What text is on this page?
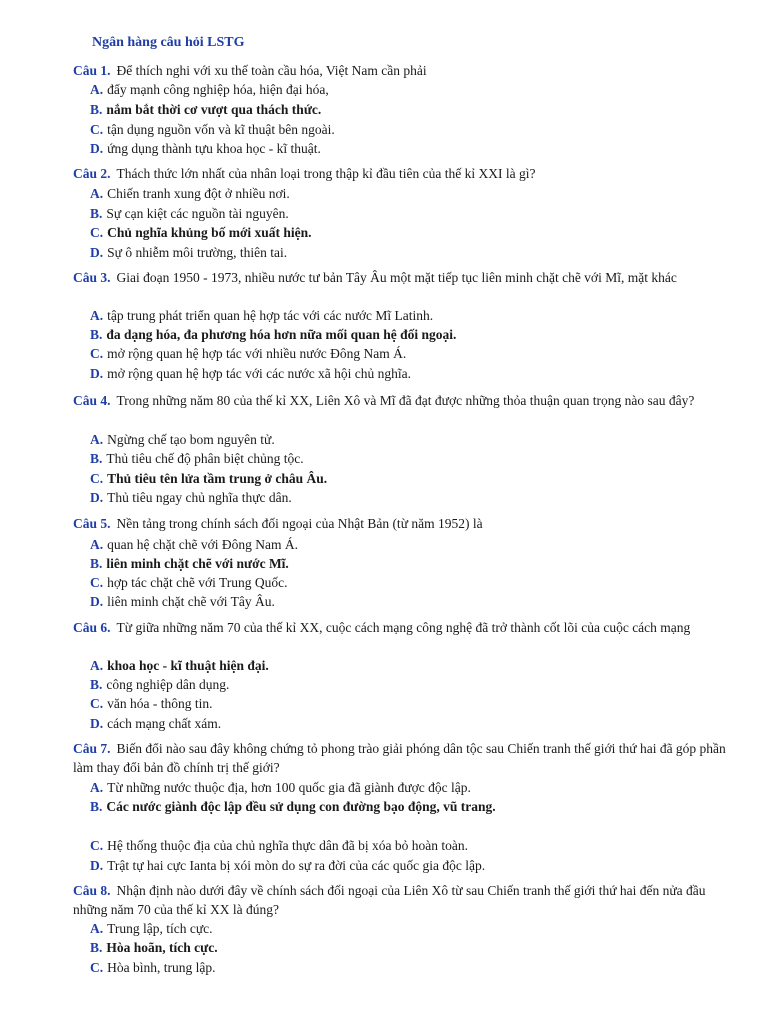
Ngân hàng câu hỏi LSTG
Câu 1. Để thích nghi với xu thế toàn cầu hóa, Việt Nam cần phải
A. đẩy mạnh công nghiệp hóa, hiện đại hóa,
B. nắm bắt thời cơ vượt qua thách thức.
C. tận dụng nguồn vốn và kĩ thuật bên ngoài.
D. ứng dụng thành tựu khoa học - kĩ thuật.
Câu 2. Thách thức lớn nhất của nhân loại trong thập kỉ đầu tiên của thế kỉ XXI là gì?
A. Chiến tranh xung đột ở nhiều nơi.
B. Sự cạn kiệt các nguồn tài nguyên.
C. Chủ nghĩa khủng bố mới xuất hiện.
D. Sự ô nhiễm môi trường, thiên tai.
Câu 3. Giai đoạn 1950 - 1973, nhiều nước tư bản Tây Âu một mặt tiếp tục liên minh chặt chẽ với Mĩ, mặt khác
A. tập trung phát triển quan hệ hợp tác với các nước Mĩ Latinh.
B. đa dạng hóa, đa phương hóa hơn nữa mối quan hệ đối ngoại.
C. mở rộng quan hệ hợp tác với nhiều nước Đông Nam Á.
D. mở rộng quan hệ hợp tác với các nước xã hội chủ nghĩa.
Câu 4. Trong những năm 80 của thế kỉ XX, Liên Xô và Mĩ đã đạt được những thỏa thuận quan trọng nào sau đây?
A. Ngừng chế tạo bom nguyên tử.
B. Thủ tiêu chế độ phân biệt chủng tộc.
C. Thủ tiêu tên lửa tầm trung ở châu Âu.
D. Thủ tiêu ngay chủ nghĩa thực dân.
Câu 5. Nền tảng trong chính sách đối ngoại của Nhật Bản (từ năm 1952) là
A. quan hệ chặt chẽ với Đông Nam Á.
B. liên minh chặt chẽ với nước Mĩ.
C. hợp tác chặt chẽ với Trung Quốc.
D. liên minh chặt chẽ với Tây Âu.
Câu 6. Từ giữa những năm 70 của thế kỉ XX, cuộc cách mạng công nghệ đã trở thành cốt lõi của cuộc cách mạng
A. khoa học - kĩ thuật hiện đại.
B. công nghiệp dân dụng.
C. văn hóa - thông tin.
D. cách mạng chất xám.
Câu 7. Biến đổi nào sau đây không chứng tỏ phong trào giải phóng dân tộc sau Chiến tranh thế giới thứ hai đã góp phần làm thay đổi bản đồ chính trị thế giới?
A. Từ những nước thuộc địa, hơn 100 quốc gia đã giành được độc lập.
B. Các nước giành độc lập đều sử dụng con đường bạo động, vũ trang.
C. Hệ thống thuộc địa của chủ nghĩa thực dân đã bị xóa bỏ hoàn toàn.
D. Trật tự hai cực Ianta bị xói mòn do sự ra đời của các quốc gia độc lập.
Câu 8. Nhận định nào dưới đây về chính sách đối ngoại của Liên Xô từ sau Chiến tranh thế giới thứ hai đến nửa đầu những năm 70 của thế kỉ XX là đúng?
A. Trung lập, tích cực.
B. Hòa hoãn, tích cực.
C. Hòa bình, trung lập.
